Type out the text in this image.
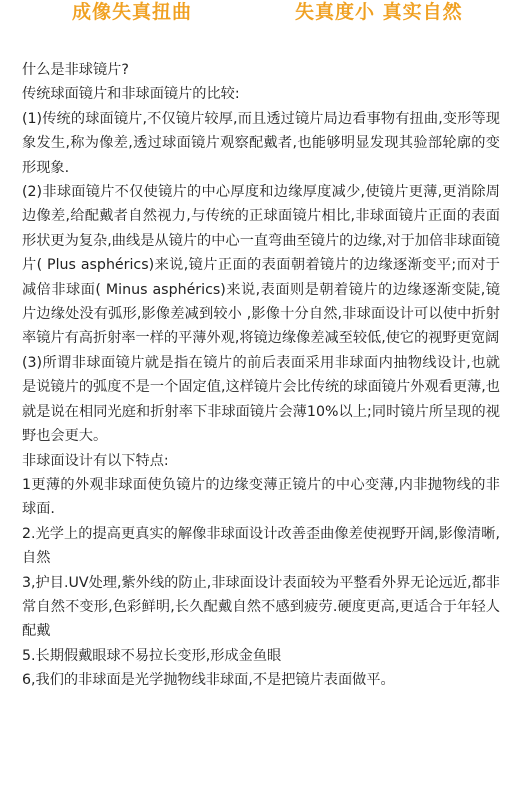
成像失真扭曲	失真度小 真实自然

什么是非球镜片?

传统球面镜片和非球面镜片的比较:

(1)传统的球面镜片,不仅镜片较厚,而且透过镜片局边看事物有扭曲,变形等现象发生,称为像差,透过球面镜片观察配戴者,也能够明显发现其验部轮廓的变形现象.

(2)非球面镜片不仅使镜片的中心厚度和边缘厚度减少,使镜片更薄,更消除周边像差,给配戴者自然视力,与传统的正球面镜片相比,非球面镜片正面的表面形状更为复杂,曲线是从镜片的中心一直弯曲至镜片的边缘,对于加倍非球面镜片( Plus asphérics)来说,镜片正面的表面朝着镜片的边缘逐渐变平;而对于减倍非球面( Minus asphérics)来说,表面则是朝着镜片的边缘逐渐变陡,镜片边缘处没有弧形,影像差减到较小 ,影像十分自然,非球面设计可以使中折射率镜片有高折射率一样的平薄外观,将镜边缘像差减至较低,使它的视野更宽阔

(3)所谓非球面镜片就是指在镜片的前后表面采用非球面内抽物线设计,也就是说镜片的弧度不是一个固定值,这样镜片会比传统的球面镜片外观看更薄,也就是说在相同光庭和折射率下非球面镜片会薄10%以上;同时镜片所呈现的视野也会更大。

非球面设计有以下特点:

1更薄的外观非球面使负镜片的边缘变薄正镜片的中心变薄,内非抛物线的非球面.

2.光学上的提高更真实的解像非球面设计改善歪曲像差使视野开阔,影像清晰,自然

3,护目.UV处理,紫外线的防止,非球面设计表面较为平整看外界无论远近,都非常自然不变形,色彩鲜明,长久配戴自然不感到疲劳.硬度更高,更适合于年轻人配戴

5.长期假戴眼球不易拉长变形,形成金鱼眼

6,我们的非球面是光学抛物线非球面,不是把镜片表面做平。
